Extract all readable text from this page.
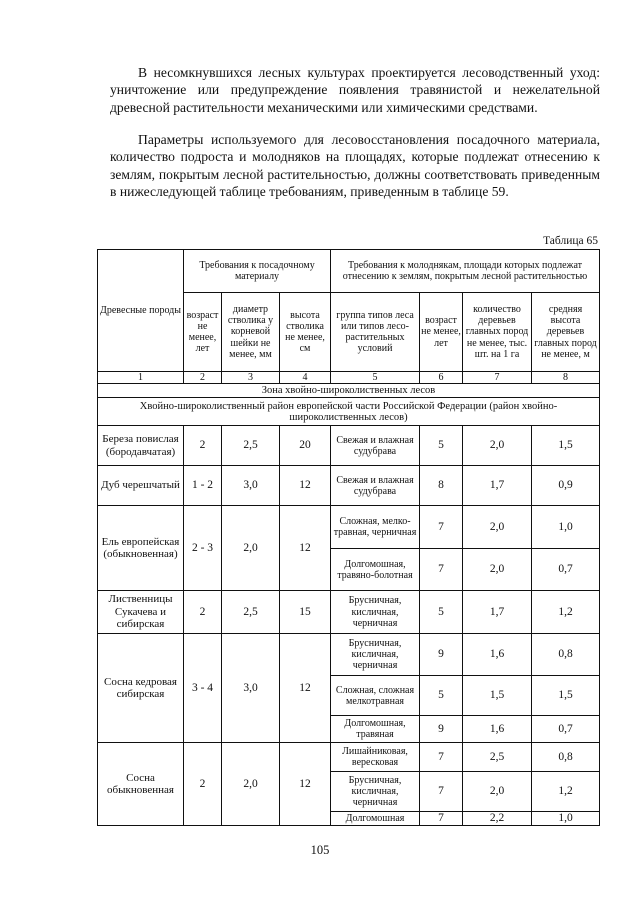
В несомкнувшихся лесных культурах проектируется лесоводственный уход: уничтожение или предупреждение появления травянистой и нежелательной древесной растительности механическими или химическими средствами.

Параметры используемого для лесовосстановления посадочного материала, количество подроста и молодняков на площадях, которые подлежат отнесению к землям, покрытым лесной растительностью, должны соответствовать приведенным в нижеследующей таблице требованиям, приведенным в таблице 59.

Таблица 65
Древесные породы	Требования к посадочному материалу			Требования к молоднякам, площади которых подлежат отнесению к землям, покрытым лесной растительностью			
	возраст не менее, лет	диаметр стволика у корневой шейки не менее, мм	высота стволика не менее, см	группа типов леса или типов лесо-растительных условий	возраст не менее, лет	количество деревьев главных пород не менее, тыс. шт. на 1 га	средняя высота деревьев главных пород не менее, м
1	2	3	4	5	6	7	8
Зона хвойно-широколиственных лесов							
Хвойно-широколиственный район европейской части Российской Федерации (район хвойно-широколиственных лесов)							
Береза повислая (бородавчатая)	2	2,5	20	Свежая и влажная судубрава	5	2,0	1,5
Дуб черешчатый	1 - 2	3,0	12	Свежая и влажная судубрава	8	1,7	0,9
Ель европейская (обыкновенная)	2 - 3	2,0	12	Сложная, мелко-травная, черничная	7	2,0	1,0
				Долгомошная, травяно-болотная	7	2,0	0,7
Лиственницы Сукачева и сибирская	2	2,5	15	Брусничная, кисличная, черничная	5	1,7	1,2
Сосна кедровая сибирская	3 - 4	3,0	12	Брусничная, кисличная, черничная	9	1,6	0,8
				Сложная, сложная мелкотравная	5	1,5	1,5
				Долгомошная, травяная	9	1,6	0,7
Сосна обыкновенная	2	2,0	12	Лишайниковая, вересковая	7	2,5	0,8
				Брусничная, кисличная, черничная	7	2,0	1,2
				Долгомошная	7	2,2	1,0
105
